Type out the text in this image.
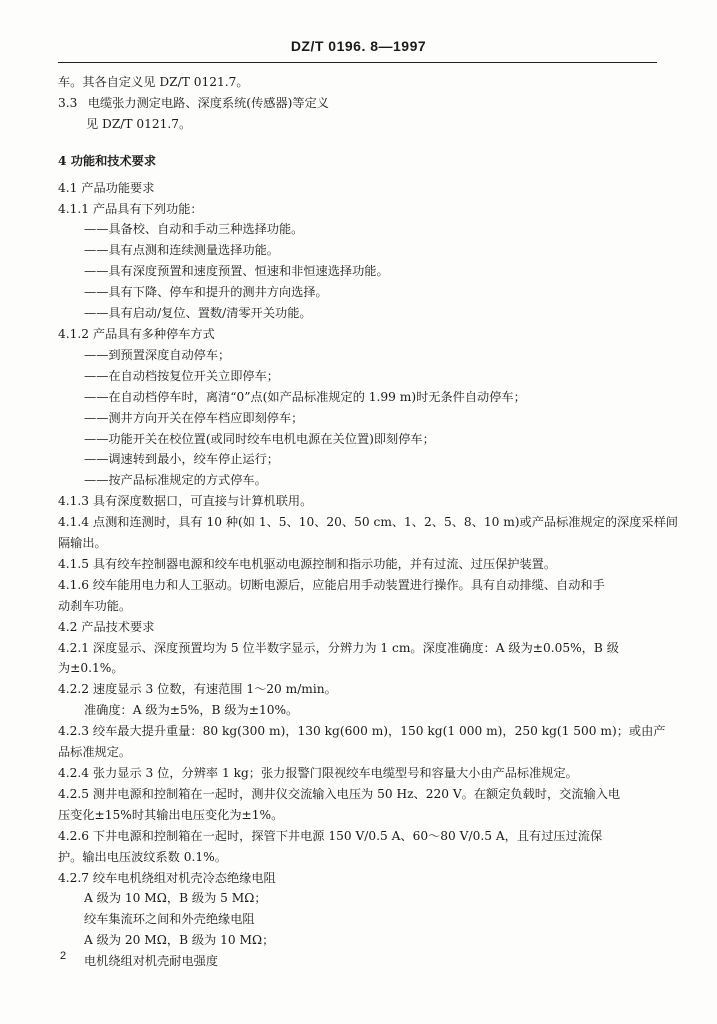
DZ/T 0196. 8—1997

车。其各自定义见 DZ/T 0121.7。

3.3 电缆张力测定电路、深度系统(传感器)等定义

见 DZ/T 0121.7。

4 功能和技术要求

4.1 产品功能要求

4.1.1 产品具有下列功能：

——具备校、自动和手动三种选择功能。

——具有点测和连续测量选择功能。

——具有深度预置和速度预置、恒速和非恒速选择功能。

——具有下降、停车和提升的测井方向选择。

——具有启动/复位、置数/清零开关功能。

4.1.2 产品具有多种停车方式

——到预置深度自动停车；

——在自动档按复位开关立即停车；

——在自动档停车时，离清“0”点(如产品标准规定的 1.99 m)时无条件自动停车；

——测井方向开关在停车档应即刻停车；

——功能开关在校位置(或同时绞车电机电源在关位置)即刻停车；

——调速转到最小，绞车停止运行；

——按产品标准规定的方式停车。

4.1.3 具有深度数据口，可直接与计算机联用。

4.1.4 点测和连测时，具有 10 种(如 1、5、10、20、50 cm、1、2、5、8、10 m)或产品标准规定的深度采样间

隔输出。

4.1.5 具有绞车控制器电源和绞车电机驱动电源控制和指示功能，并有过流、过压保护装置。

4.1.6 绞车能用电力和人工驱动。切断电源后，应能启用手动装置进行操作。具有自动排缆、自动和手

动刹车功能。

4.2 产品技术要求

4.2.1 深度显示、深度预置均为 5 位半数字显示，分辨力为 1 cm。深度准确度：A 级为±0.05%，B 级

为±0.1%。

4.2.2 速度显示 3 位数，有速范围 1～20 m/min。

准确度：A 级为±5%，B 级为±10%。

4.2.3 绞车最大提升重量：80 kg(300 m)，130 kg(600 m)，150 kg(1 000 m)，250 kg(1 500 m)；或由产

品标准规定。

4.2.4 张力显示 3 位，分辨率 1 kg；张力报警门限视绞车电缆型号和容量大小由产品标准规定。

4.2.5 测井电源和控制箱在一起时，测井仪交流输入电压为 50 Hz、220 V。在额定负载时，交流输入电

压变化±15%时其输出电压变化为±1%。

4.2.6 下井电源和控制箱在一起时，探管下井电源 150 V/0.5 A、60～80 V/0.5 A，且有过压过流保

护。输出电压波纹系数 0.1%。

4.2.7 绞车电机绕组对机壳冷态绝缘电阻

A 级为 10 MΩ，B 级为 5 MΩ；

绞车集流环之间和外壳绝缘电阻

A 级为 20 MΩ，B 级为 10 MΩ；

电机绕组对机壳耐电强度

2
